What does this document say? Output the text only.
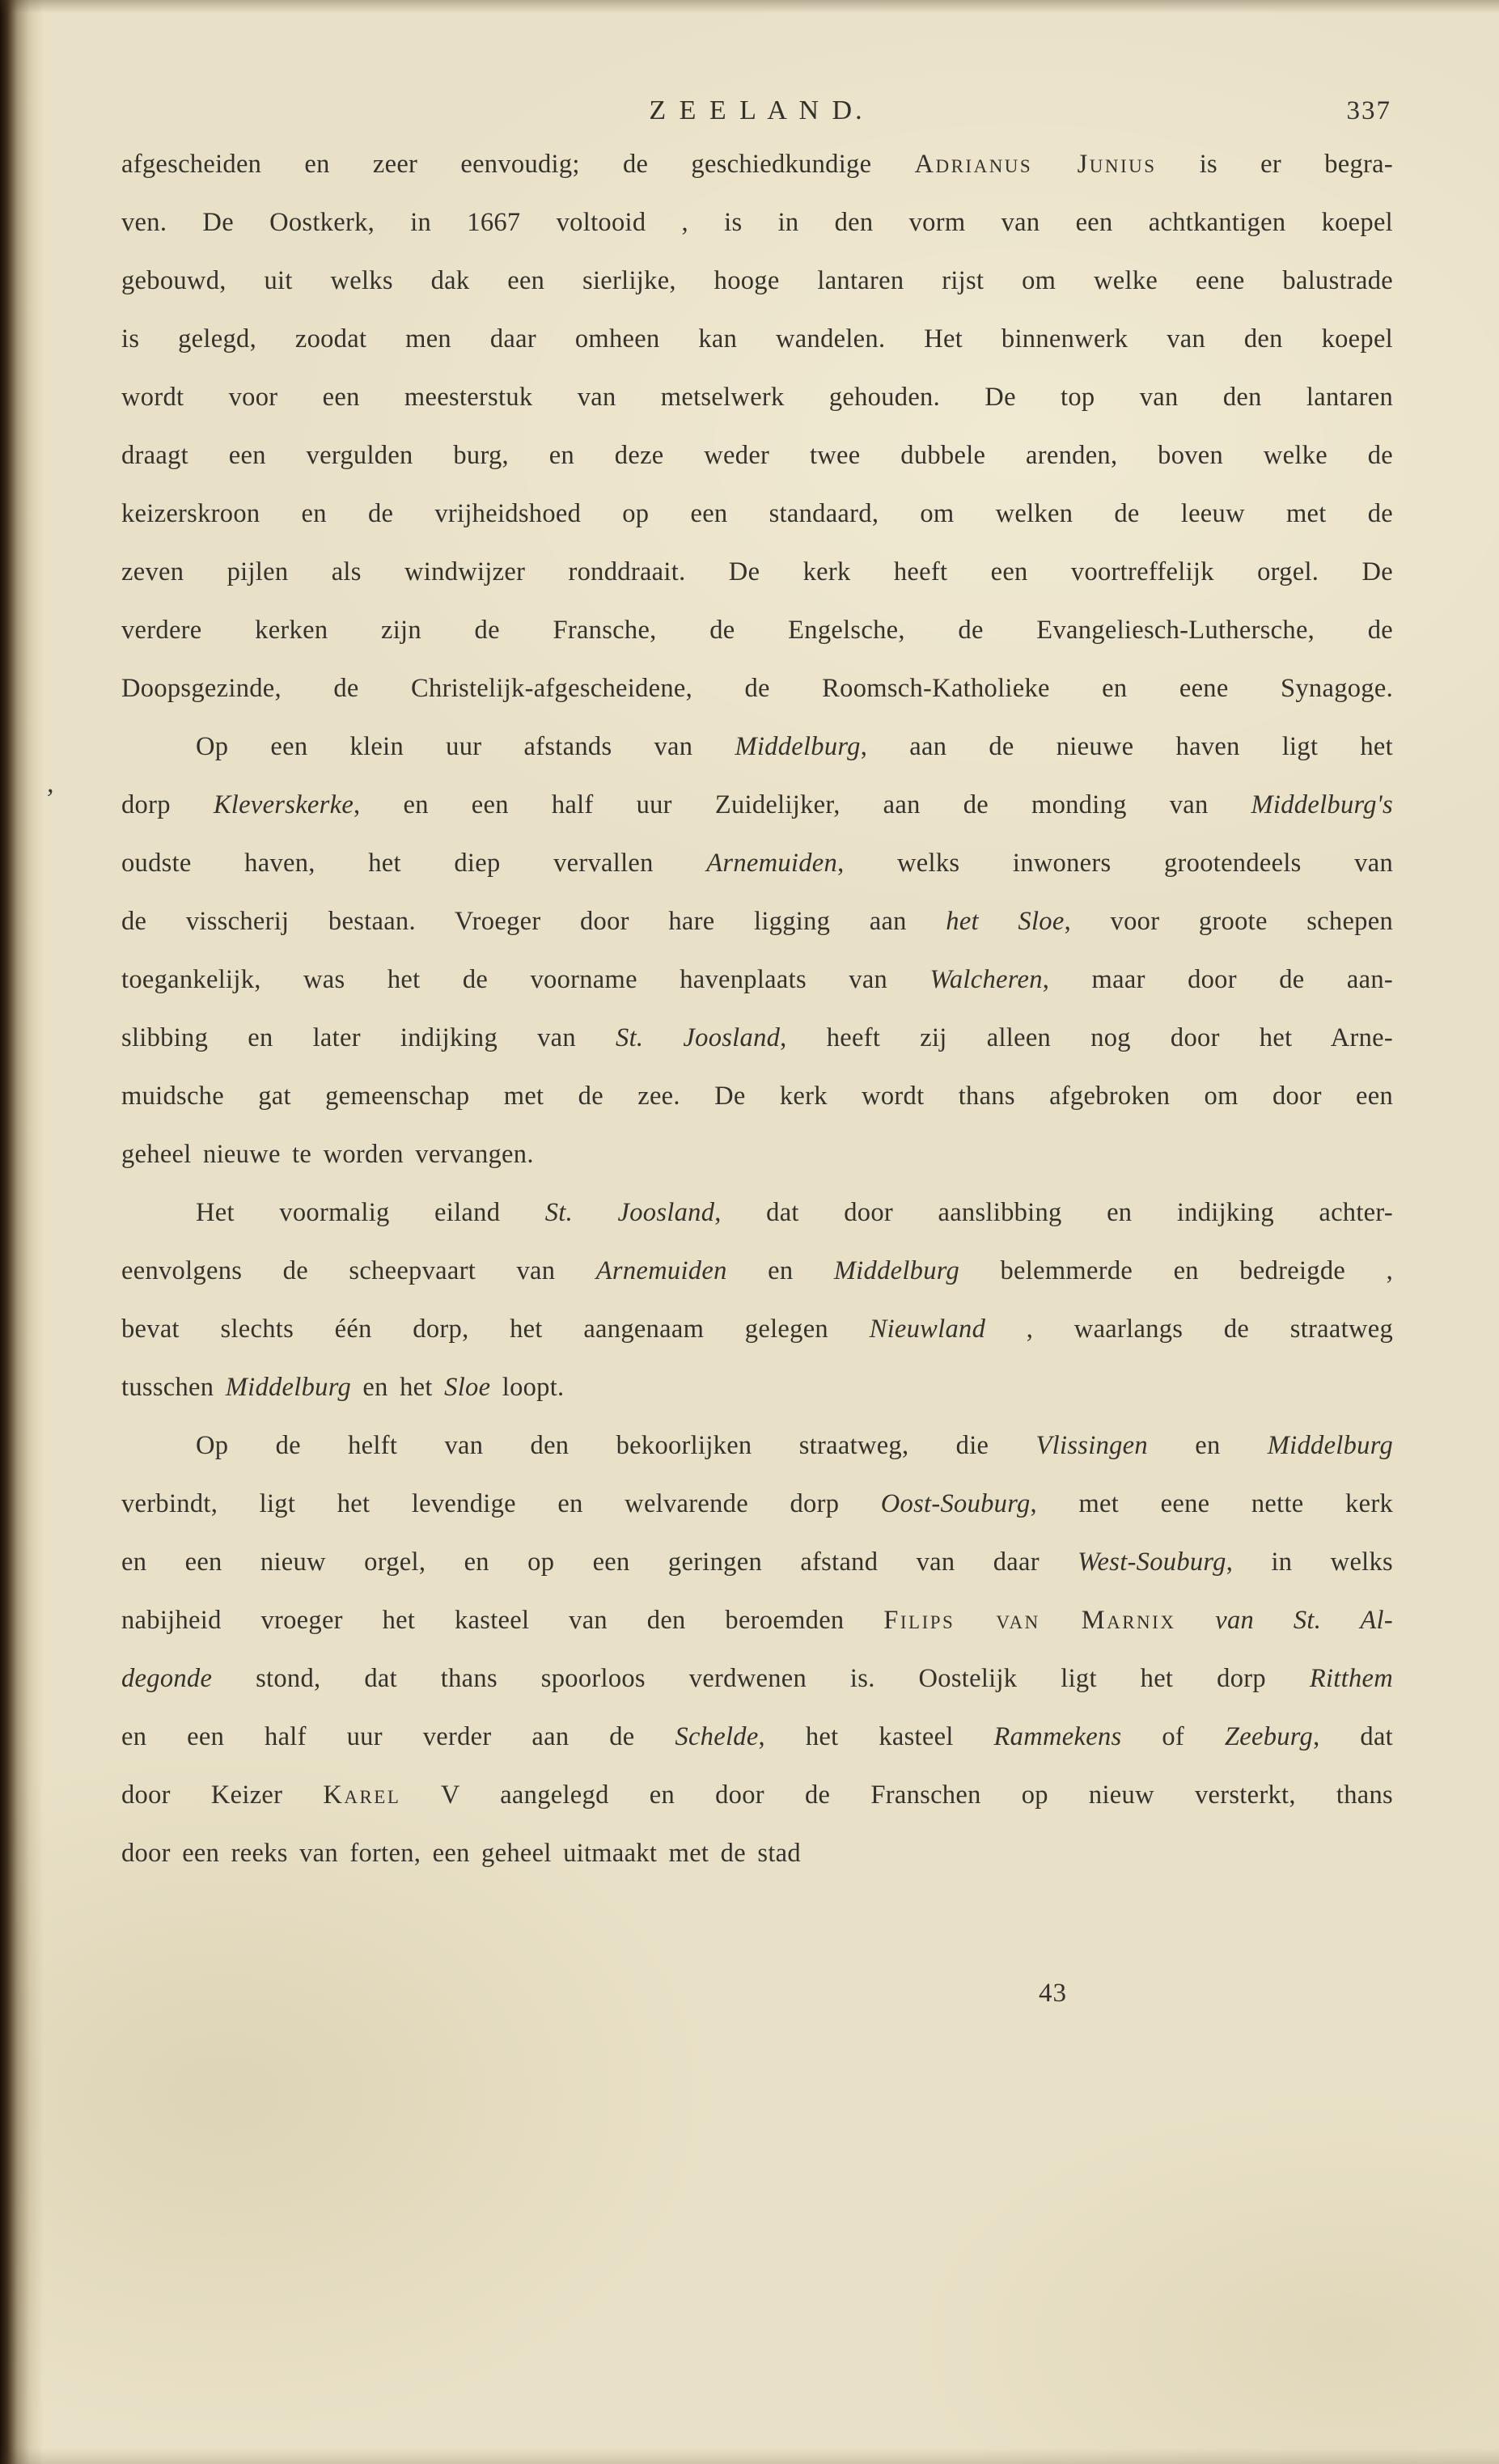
Z E E L A N D.	337
,
afgescheiden en zeer eenvoudig; de geschiedkundige Adrianus Junius is er begra-
ven. De Oostkerk, in 1667 voltooid , is in den vorm van een achtkantigen koepel
gebouwd, uit welks dak een sierlijke, hooge lantaren rijst om welke eene balustrade
is gelegd, zoodat men daar omheen kan wandelen. Het binnenwerk van den koepel
wordt voor een meesterstuk van metselwerk gehouden. De top van den lantaren
draagt een vergulden burg, en deze weder twee dubbele arenden, boven welke de
keizerskroon en de vrijheidshoed op een standaard, om welken de leeuw met de
zeven pijlen als windwijzer ronddraait. De kerk heeft een voortreffelijk orgel. De
verdere kerken zijn de Fransche, de Engelsche, de Evangeliesch-Luthersche, de
Doopsgezinde, de Christelijk-afgescheidene, de Roomsch-Katholieke en eene Synagoge.
Op een klein uur afstands van Middelburg, aan de nieuwe haven ligt het
dorp Kleverskerke, en een half uur Zuidelijker, aan de monding van Middelburg's
oudste haven, het diep vervallen Arnemuiden, welks inwoners grootendeels van
de visscherij bestaan. Vroeger door hare ligging aan het Sloe, voor groote schepen
toegankelijk, was het de voorname havenplaats van Walcheren, maar door de aan-
slibbing en later indijking van St. Joosland, heeft zij alleen nog door het Arne-
muidsche gat gemeenschap met de zee. De kerk wordt thans afgebroken om door een
geheel nieuwe te worden vervangen.
Het voormalig eiland St. Joosland, dat door aanslibbing en indijking achter-
eenvolgens de scheepvaart van Arnemuiden en Middelburg belemmerde en bedreigde ,
bevat slechts één dorp, het aangenaam gelegen Nieuwland , waarlangs de straatweg
tusschen Middelburg en het Sloe loopt.
Op de helft van den bekoorlijken straatweg, die Vlissingen en Middelburg
verbindt, ligt het levendige en welvarende dorp Oost-Souburg, met eene nette kerk
en een nieuw orgel, en op een geringen afstand van daar West-Souburg, in welks
nabijheid vroeger het kasteel van den beroemden Filips van Marnix van St. Al-
degonde stond, dat thans spoorloos verdwenen is. Oostelijk ligt het dorp Ritthem
en een half uur verder aan de Schelde, het kasteel Rammekens of Zeeburg, dat
door Keizer Karel V aangelegd en door de Franschen op nieuw versterkt, thans
door een reeks van forten, een geheel uitmaakt met de stad
43
